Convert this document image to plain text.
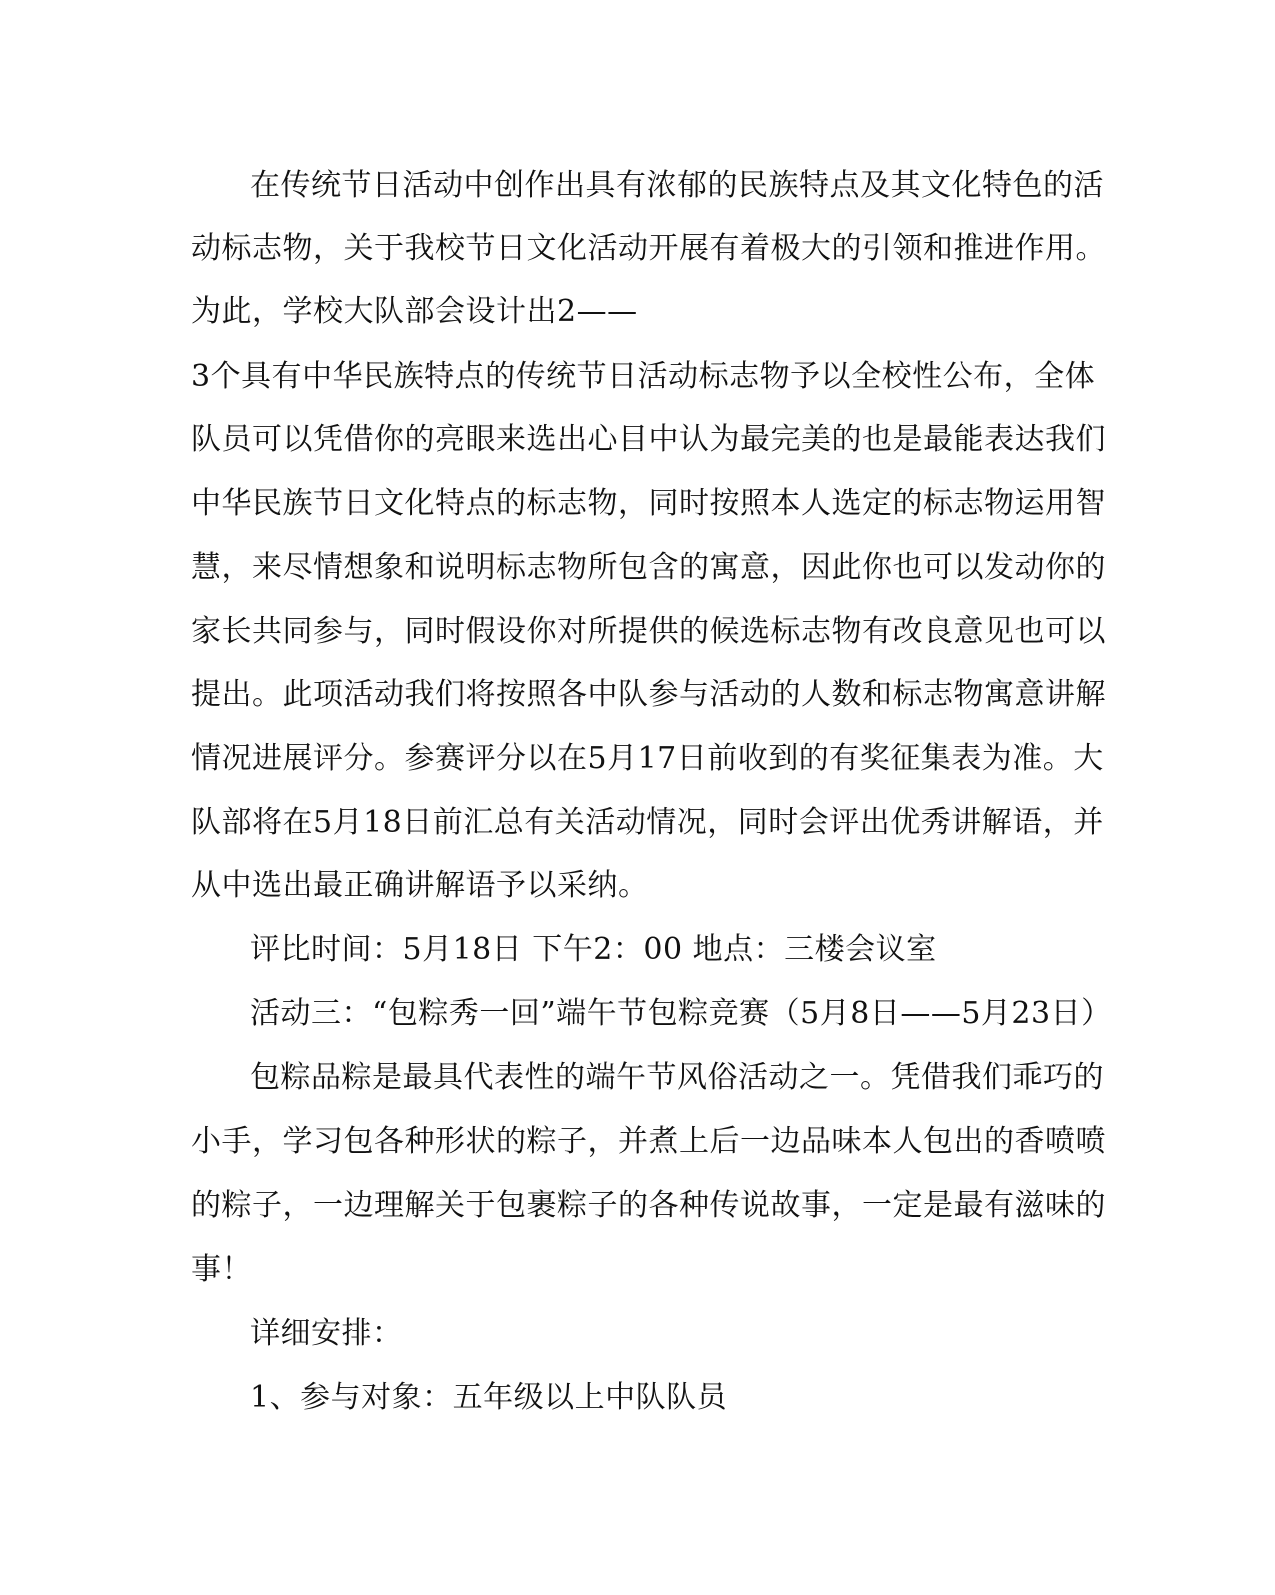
在传统节日活动中创作出具有浓郁的民族特点及其文化特色的活
动标志物，关于我校节日文化活动开展有着极大的引领和推进作用。
为此，学校大队部会设计出2——
3个具有中华民族特点的传统节日活动标志物予以全校性公布，全体
队员可以凭借你的亮眼来选出心目中认为最完美的也是最能表达我们
中华民族节日文化特点的标志物，同时按照本人选定的标志物运用智
慧，来尽情想象和说明标志物所包含的寓意，因此你也可以发动你的
家长共同参与，同时假设你对所提供的候选标志物有改良意见也可以
提出。此项活动我们将按照各中队参与活动的人数和标志物寓意讲解
情况进展评分。参赛评分以在5月17日前收到的有奖征集表为准。大
队部将在5月18日前汇总有关活动情况，同时会评出优秀讲解语，并
从中选出最正确讲解语予以采纳。
评比时间：5月18日 下午2：00 地点：三楼会议室
活动三：“包粽秀一回”端午节包粽竞赛（5月8日——5月23日）
包粽品粽是最具代表性的端午节风俗活动之一。凭借我们乖巧的
小手，学习包各种形状的粽子，并煮上后一边品味本人包出的香喷喷
的粽子，一边理解关于包裹粽子的各种传说故事，一定是最有滋味的
事！
详细安排：
1、参与对象：五年级以上中队队员
